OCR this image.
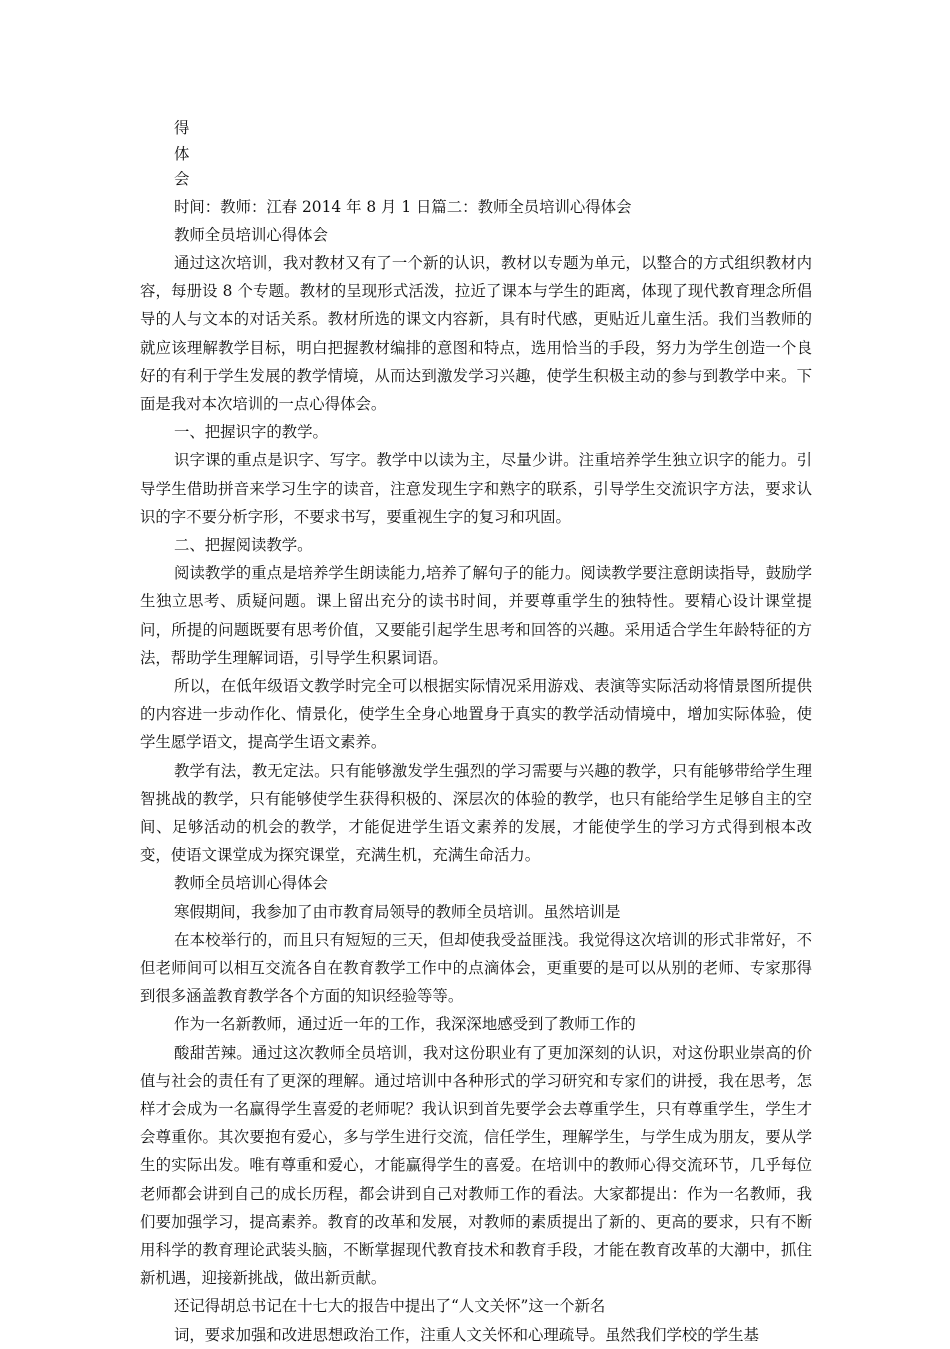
得
体
会
时间：教师：江春 2014 年 8 月 1 日篇二：教师全员培训心得体会
教师全员培训心得体会

通过这次培训，我对教材又有了一个新的认识，教材以专题为单元，以整合的方式组织教材内容，每册设 8 个专题。教材的呈现形式活泼，拉近了课本与学生的距离，体现了现代教育理念所倡导的人与文本的对话关系。教材所选的课文内容新，具有时代感，更贴近儿童生活。我们当教师的就应该理解教学目标，明白把握教材编排的意图和特点，选用恰当的手段，努力为学生创造一个良好的有利于学生发展的教学情境，从而达到激发学习兴趣，使学生积极主动的参与到教学中来。下面是我对本次培训的一点心得体会。

一、把握识字的教学。

识字课的重点是识字、写字。教学中以读为主，尽量少讲。注重培养学生独立识字的能力。引导学生借助拼音来学习生字的读音，注意发现生字和熟字的联系，引导学生交流识字方法，要求认识的字不要分析字形，不要求书写，要重视生字的复习和巩固。

二、把握阅读教学。

阅读教学的重点是培养学生朗读能力,培养了解句子的能力。阅读教学要注意朗读指导，鼓励学生独立思考、质疑问题。课上留出充分的读书时间，并要尊重学生的独特性。要精心设计课堂提问，所提的问题既要有思考价值，又要能引起学生思考和回答的兴趣。采用适合学生年龄特征的方法，帮助学生理解词语，引导学生积累词语。

所以，在低年级语文教学时完全可以根据实际情况采用游戏、表演等实际活动将情景图所提供的内容进一步动作化、情景化，使学生全身心地置身于真实的教学活动情境中，增加实际体验，使学生愿学语文，提高学生语文素养。

教学有法，教无定法。只有能够激发学生强烈的学习需要与兴趣的教学，只有能够带给学生理智挑战的教学，只有能够使学生获得积极的、深层次的体验的教学，也只有能给学生足够自主的空间、足够活动的机会的教学，才能促进学生语文素养的发展，才能使学生的学习方式得到根本改变，使语文课堂成为探究课堂，充满生机，充满生命活力。

教师全员培训心得体会

寒假期间，我参加了由市教育局领导的教师全员培训。虽然培训是

在本校举行的，而且只有短短的三天，但却使我受益匪浅。我觉得这次培训的形式非常好，不但老师间可以相互交流各自在教育教学工作中的点滴体会，更重要的是可以从别的老师、专家那得到很多涵盖教育教学各个方面的知识经验等等。

作为一名新教师，通过近一年的工作，我深深地感受到了教师工作的

酸甜苦辣。通过这次教师全员培训，我对这份职业有了更加深刻的认识，对这份职业崇高的价值与社会的责任有了更深的理解。通过培训中各种形式的学习研究和专家们的讲授，我在思考，怎样才会成为一名赢得学生喜爱的老师呢？我认识到首先要学会去尊重学生，只有尊重学生，学生才会尊重你。其次要抱有爱心，多与学生进行交流，信任学生，理解学生，与学生成为朋友，要从学生的实际出发。唯有尊重和爱心，才能赢得学生的喜爱。在培训中的教师心得交流环节，几乎每位老师都会讲到自己的成长历程，都会讲到自己对教师工作的看法。大家都提出：作为一名教师，我们要加强学习，提高素养。教育的改革和发展，对教师的素质提出了新的、更高的要求，只有不断用科学的教育理论武装头脑，不断掌握现代教育技术和教育手段，才能在教育改革的大潮中，抓住新机遇，迎接新挑战，做出新贡献。

还记得胡总书记在十七大的报告中提出了“人文关怀”这一个新名

词，要求加强和改进思想政治工作，注重人文关怀和心理疏导。虽然我们学校的学生基
